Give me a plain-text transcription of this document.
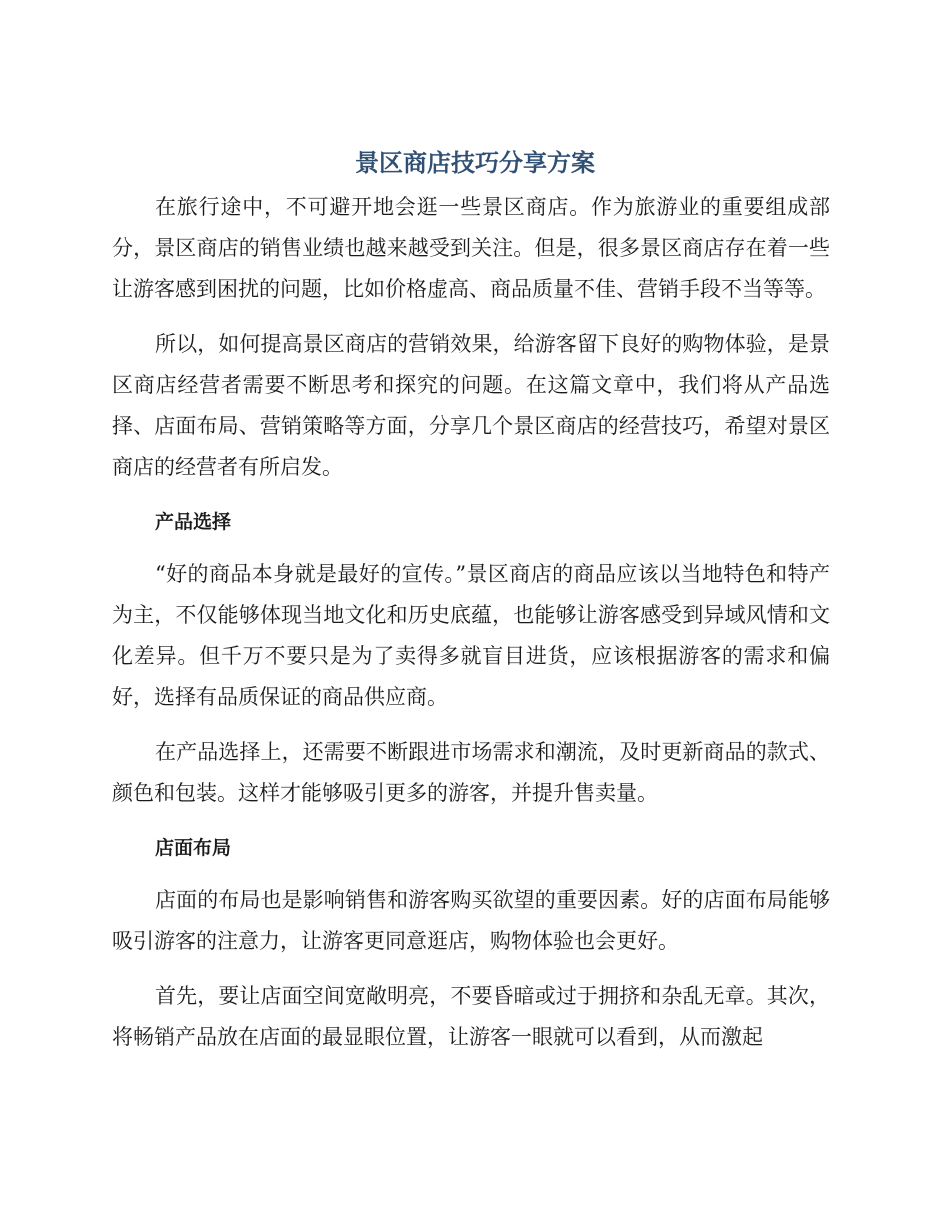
景区商店技巧分享方案

在旅行途中，不可避开地会逛一些景区商店。作为旅游业的重要组成部分，景区商店的销售业绩也越来越受到关注。但是，很多景区商店存在着一些让游客感到困扰的问题，比如价格虚高、商品质量不佳、营销手段不当等等。

所以，如何提高景区商店的营销效果，给游客留下良好的购物体验，是景区商店经营者需要不断思考和探究的问题。在这篇文章中，我们将从产品选择、店面布局、营销策略等方面，分享几个景区商店的经营技巧，希望对景区商店的经营者有所启发。

产品选择

“好的商品本身就是最好的宣传。”景区商店的商品应该以当地特色和特产为主，不仅能够体现当地文化和历史底蕴，也能够让游客感受到异域风情和文化差异。但千万不要只是为了卖得多就盲目进货，应该根据游客的需求和偏好，选择有品质保证的商品供应商。

在产品选择上，还需要不断跟进市场需求和潮流，及时更新商品的款式、颜色和包装。这样才能够吸引更多的游客，并提升售卖量。

店面布局

店面的布局也是影响销售和游客购买欲望的重要因素。好的店面布局能够吸引游客的注意力，让游客更同意逛店，购物体验也会更好。

首先，要让店面空间宽敞明亮，不要昏暗或过于拥挤和杂乱无章。其次，将畅销产品放在店面的最显眼位置，让游客一眼就可以看到，从而激起
